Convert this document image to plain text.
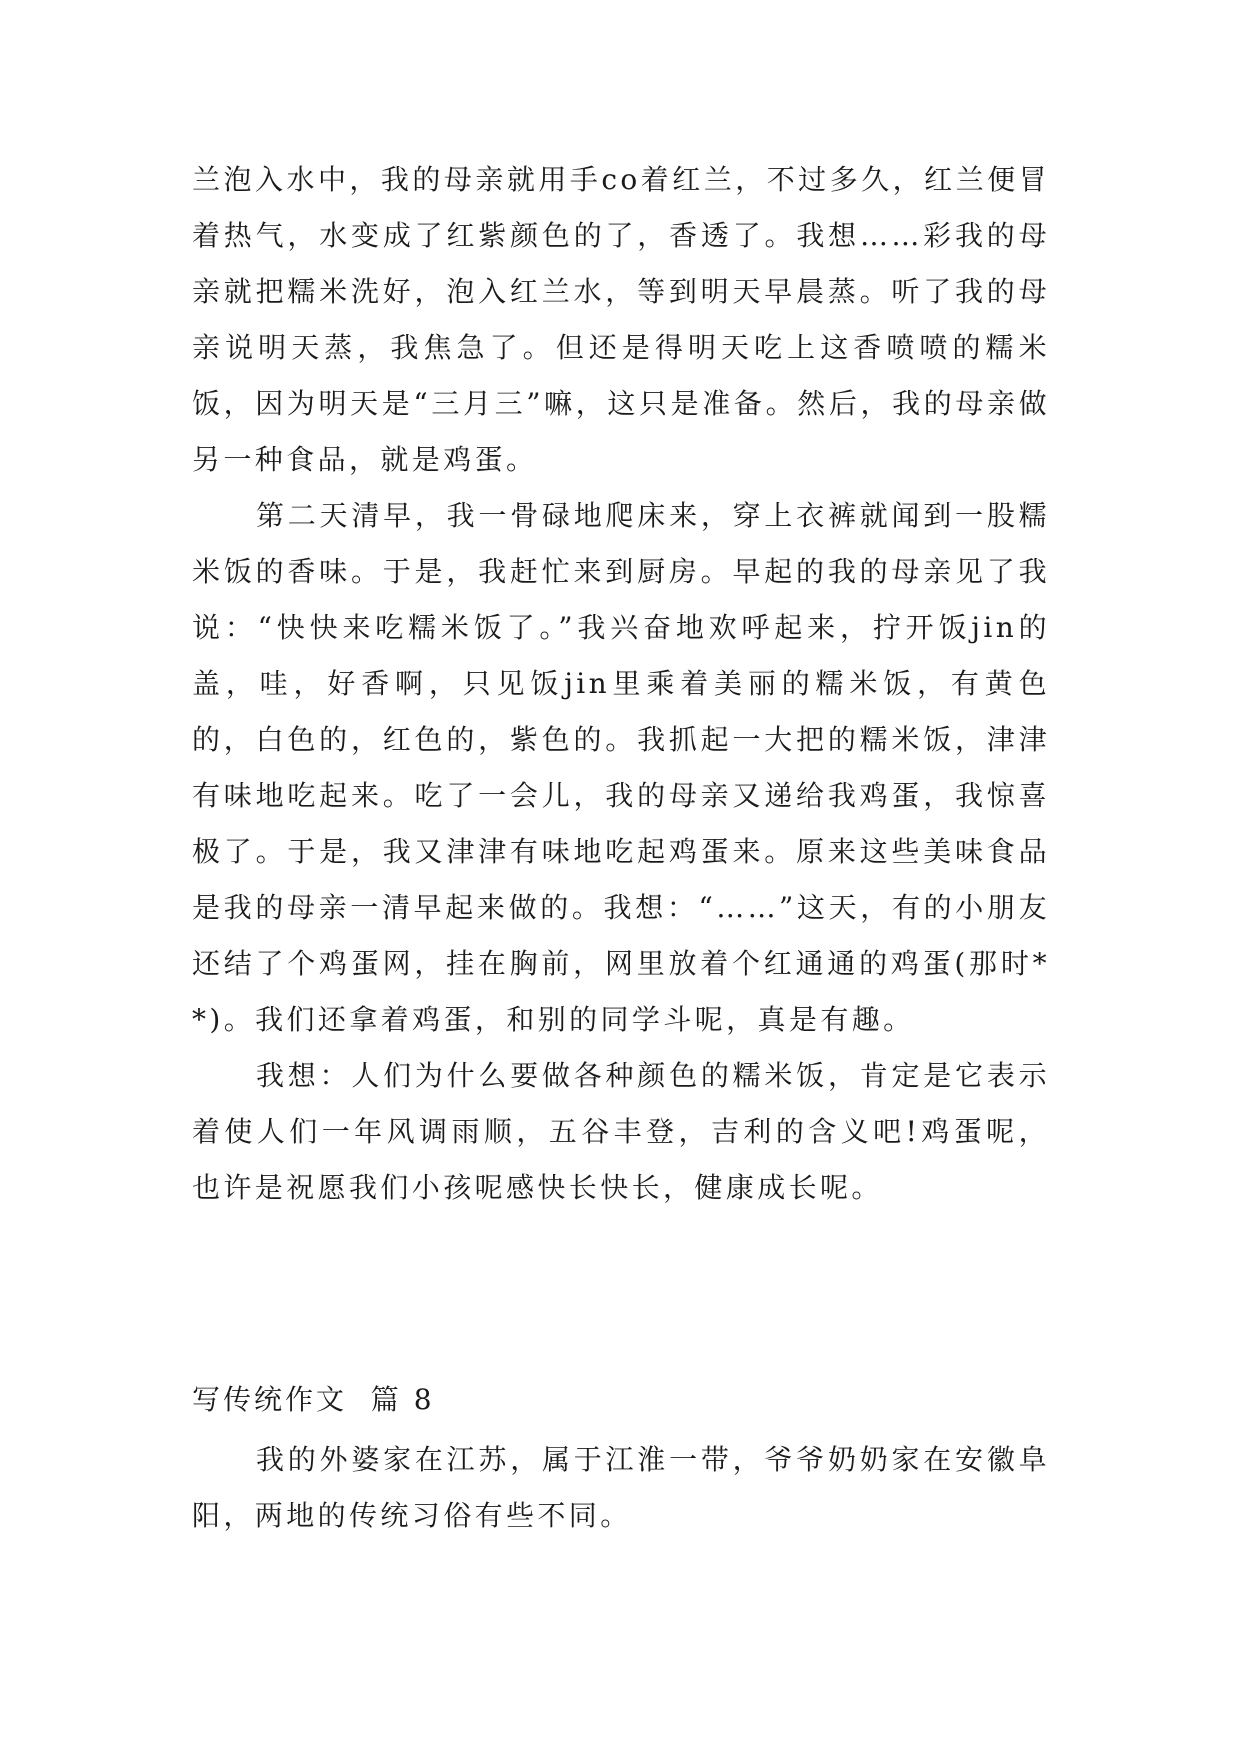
兰泡入水中，我的母亲就用手co着红兰，不过多久，红兰便冒着热气，水变成了红紫颜色的了，香透了。我想……彩我的母亲就把糯米洗好，泡入红兰水，等到明天早晨蒸。听了我的母亲说明天蒸，我焦急了。但还是得明天吃上这香喷喷的糯米饭，因为明天是“三月三”嘛，这只是准备。然后，我的母亲做另一种食品，就是鸡蛋。

第二天清早，我一骨碌地爬床来，穿上衣裤就闻到一股糯米饭的香味。于是，我赶忙来到厨房。早起的我的母亲见了我说：“快快来吃糯米饭了。”我兴奋地欢呼起来，拧开饭jin的盖，哇，好香啊，只见饭jin里乘着美丽的糯米饭，有黄色的，白色的，红色的，紫色的。我抓起一大把的糯米饭，津津有味地吃起来。吃了一会儿，我的母亲又递给我鸡蛋，我惊喜极了。于是，我又津津有味地吃起鸡蛋来。原来这些美味食品是我的母亲一清早起来做的。我想：“……”这天，有的小朋友还结了个鸡蛋网，挂在胸前，网里放着个红通通的鸡蛋(那时**)。我们还拿着鸡蛋，和别的同学斗呢，真是有趣。

我想：人们为什么要做各种颜色的糯米饭，肯定是它表示着使人们一年风调雨顺，五谷丰登，吉利的含义吧!鸡蛋呢，也许是祝愿我们小孩呢感快长快长，健康成长呢。

写传统作文  篇 8

我的外婆家在江苏，属于江淮一带，爷爷奶奶家在安徽阜阳，两地的传统习俗有些不同。
